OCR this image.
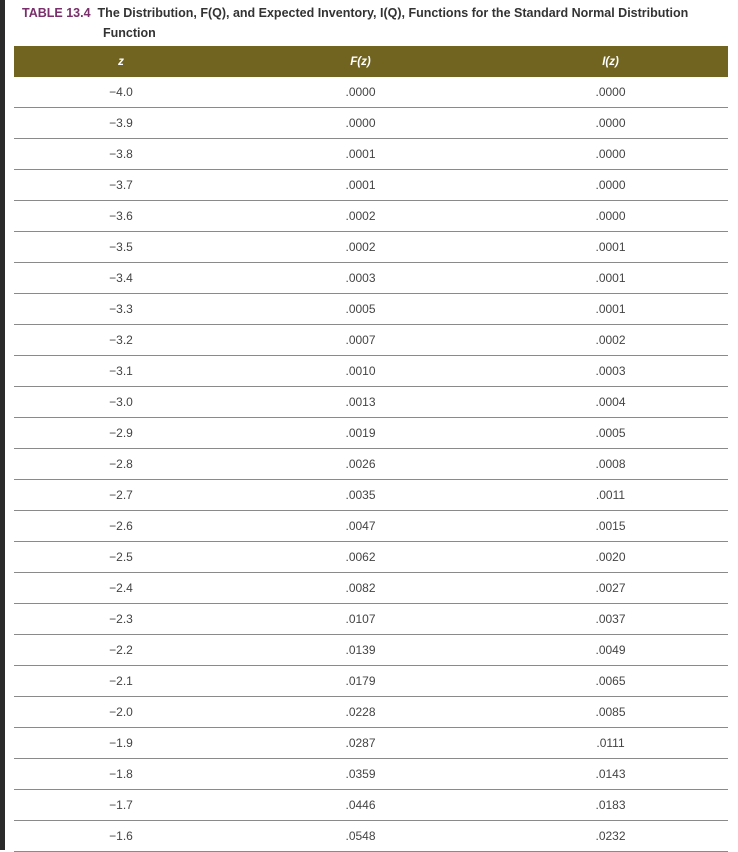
TABLE 13.4 The Distribution, F(Q), and Expected Inventory, I(Q), Functions for the Standard Normal Distribution
Function
z	F(z)	I(z)
−4.0	.0000	.0000
−3.9	.0000	.0000
−3.8	.0001	.0000
−3.7	.0001	.0000
−3.6	.0002	.0000
−3.5	.0002	.0001
−3.4	.0003	.0001
−3.3	.0005	.0001
−3.2	.0007	.0002
−3.1	.0010	.0003
−3.0	.0013	.0004
−2.9	.0019	.0005
−2.8	.0026	.0008
−2.7	.0035	.0011
−2.6	.0047	.0015
−2.5	.0062	.0020
−2.4	.0082	.0027
−2.3	.0107	.0037
−2.2	.0139	.0049
−2.1	.0179	.0065
−2.0	.0228	.0085
−1.9	.0287	.0111
−1.8	.0359	.0143
−1.7	.0446	.0183
−1.6	.0548	.0232
